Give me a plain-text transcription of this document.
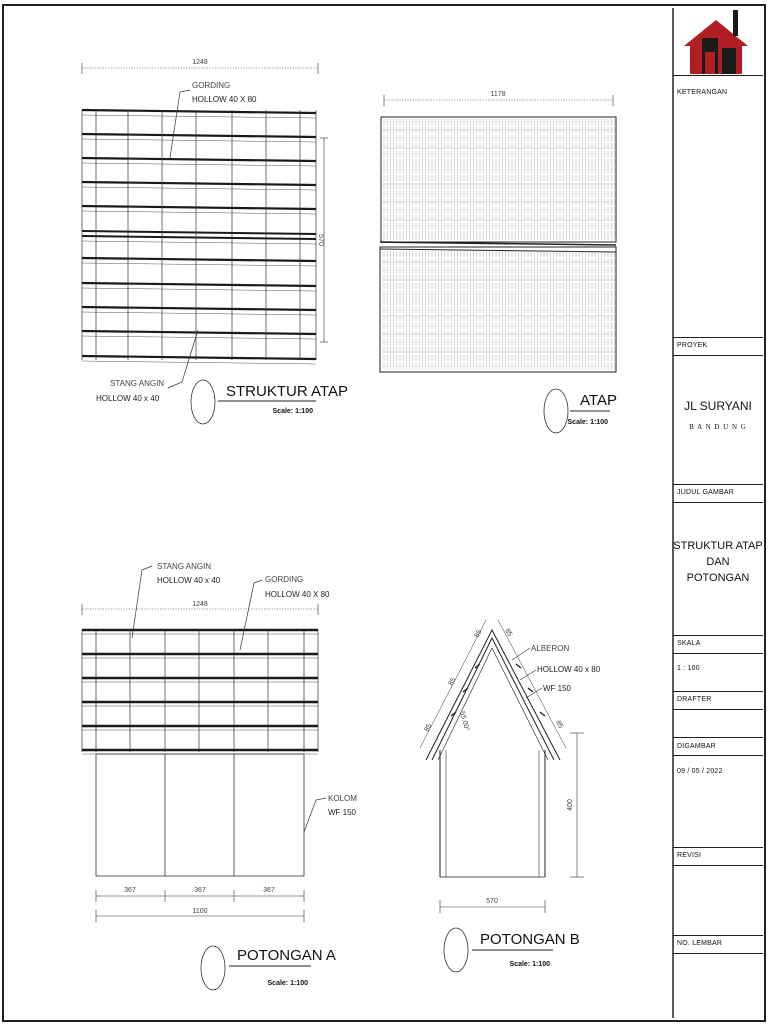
1248
570
GORDING
HOLLOW 40 X 80
STANG ANGIN
HOLLOW 40 x 40	STRUKTUR ATAP
Scale: 1:100
1178
ATAP
Scale: 1:100
1248
STANG ANGIN
HOLLOW 40 x 40	GORDING
HOLLOW 40 X 80
KOLOM
WF 150
367	367	367
1100
POTONGAN A
Scale: 1:100
85
85
85	85
85
55.00°
ALBERON
HOLLOW 40 x 80
WF 150
400
570
POTONGAN B
Scale: 1:100
KETERANGAN
PROYEK
JL SURYANI
B A N D U N G
JUDUL GAMBAR
STRUKTUR ATAP
DAN
POTONGAN
SKALA
1 : 100
DRAFTER
DIGAMBAR
09 / 05 / 2022
REVISI
NO. LEMBAR
